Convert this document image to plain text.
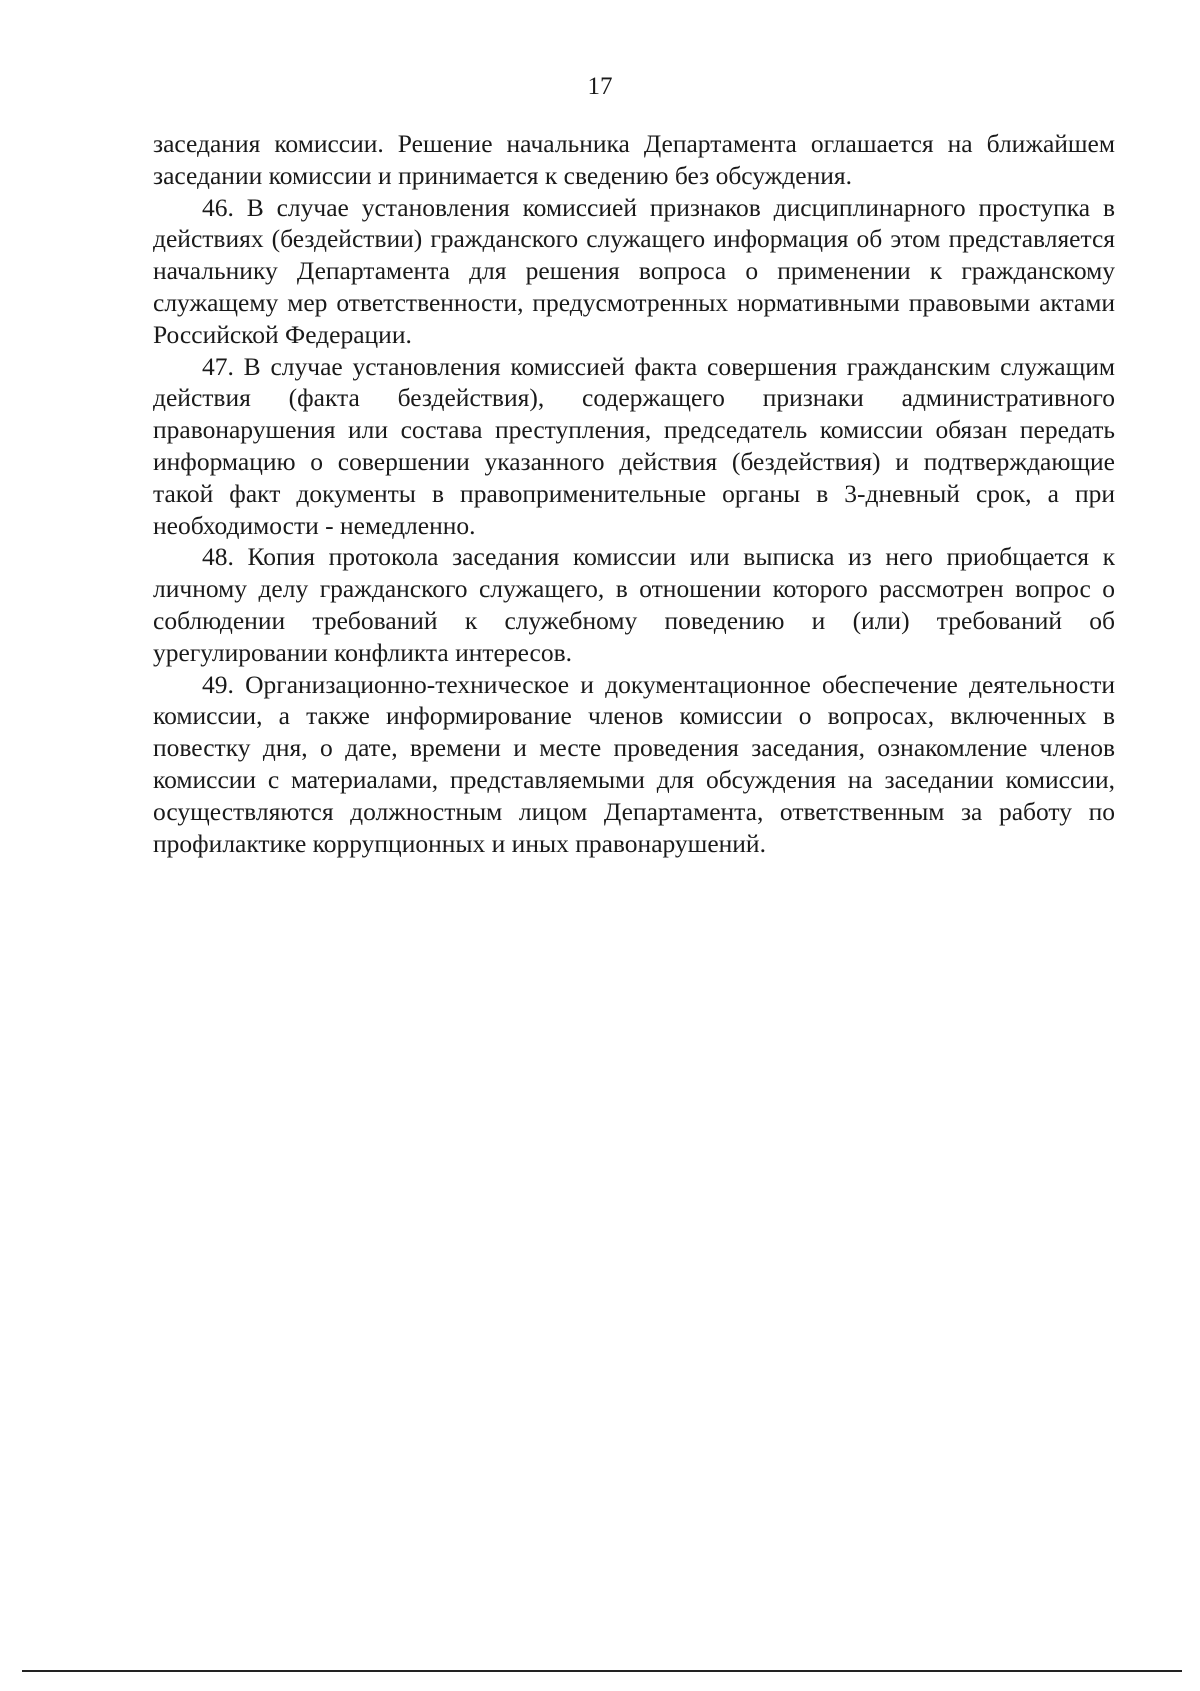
17

заседания комиссии. Решение начальника Департамента оглашается на ближайшем заседании комиссии и принимается к сведению без обсуждения.

46. В случае установления комиссией признаков дисциплинарного проступка в действиях (бездействии) гражданского служащего информация об этом представляется начальнику Департамента для решения вопроса о применении к гражданскому служащему мер ответственности, предусмотренных нормативными правовыми актами Российской Федерации.

47. В случае установления комиссией факта совершения гражданским служащим действия (факта бездействия), содержащего признаки административного правонарушения или состава преступления, председатель комиссии обязан передать информацию о совершении указанного действия (бездействия) и подтверждающие такой факт документы в правоприменительные органы в 3-дневный срок, а при необходимости - немедленно.

48. Копия протокола заседания комиссии или выписка из него приобщается к личному делу гражданского служащего, в отношении которого рассмотрен вопрос о соблюдении требований к служебному поведению и (или) требований об урегулировании конфликта интересов.

49. Организационно-техническое и документационное обеспечение деятельности комиссии, а также информирование членов комиссии о вопросах, включенных в повестку дня, о дате, времени и месте проведения заседания, ознакомление членов комиссии с материалами, представляемыми для обсуждения на заседании комиссии, осуществляются должностным лицом Департамента, ответственным за работу по профилактике коррупционных и иных правонарушений.
